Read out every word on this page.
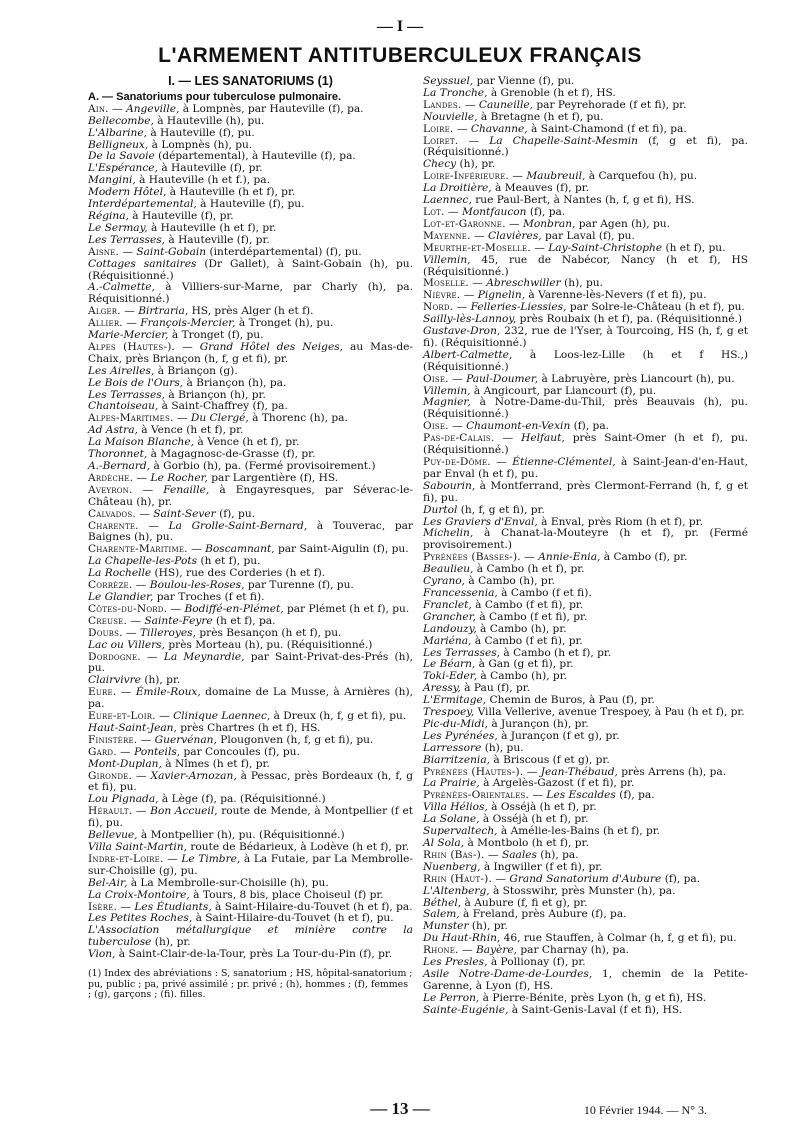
— I —
L'ARMEMENT ANTITUBERCULEUX FRANÇAIS
I. — LES SANATORIUMS (1)
A. — Sanatoriums pour tuberculose pulmonaire.

Ain. — Angeville, à Lompnès, par Hauteville (f), pa.

Bellecombe, à Hauteville (h), pu.

L'Albarine, à Hauteville (f), pu.

Belligneux, à Lompnès (h), pu.

De la Savoie (départemental), à Hauteville (f), pa.

L'Espérance, à Hauteville (f), pr.

Mangini, à Hauteville (h et f.), pa.

Modern Hôtel, à Hauteville (h et f), pr.

Interdépartemental, à Hauteville (f), pu.

Régina, à Hauteville (f), pr.

Le Sermay, à Hauteville (h et f), pr.

Les Terrasses, à Hauteville (f), pr.

Aisne. — Saint-Gobain (interdépartemental) (f), pu.

Cottages sanitaires (Dr Gallet), à Saint-Gobain (h), pu. (Réquisitionné.)

A.-Calmette, à Villiers-sur-Marne, par Charly (h), pa. Réquisitionné.)

Alger. — Birtraria, HS, près Alger (h et f).

Allier. — François-Mercier, à Tronget (h), pu.

Marie-Mercier, à Tronget (f), pu.

Alpes (Hautes-). — Grand Hôtel des Neiges, au Mas-de-Chaix, près Briançon (h, f, g et fi), pr.

Les Airelles, à Briançon (g).

Le Bois de l'Ours, à Briançon (h), pa.

Les Terrasses, à Briançon (h), pr.

Chantoiseau, à Saint-Chaffrey (f), pa.

Alpes-Maritimes. — Du Clergé, à Thorenc (h), pa.

Ad Astra, à Vence (h et f), pr.

La Maison Blanche, à Vence (h et f), pr.

Thoronnet, à Magagnosc-de-Grasse (f), pr.

A.-Bernard, à Gorbio (h), pa. (Fermé provisoirement.)

Ardèche. — Le Rocher, par Largentière (f), HS.

Aveyron. — Fenaille, à Engayresques, par Séverac-le-Château (h), pr.

Calvados. — Saint-Sever (f), pu.

Charente. — La Grolle-Saint-Bernard, à Touverac, par Baignes (h), pu.

Charente-Maritime. — Boscamnant, par Saint-Aigulin (f), pu.

La Chapelle-les-Pots (h et f), pu.

La Rochelle (HS), rue des Corderies (h et f).

Corrèze. — Boulou-les-Roses, par Turenne (f), pu.

Le Glandier, par Troches (f et fi).

Côtes-du-Nord. — Bodiffé-en-Plémet, par Plémet (h et f), pu.

Creuse. — Sainte-Feyre (h et f), pa.

Doubs. — Tilleroyes, près Besançon (h et f), pu.

Lac ou Villers, près Morteau (h), pu. (Réquisitionné.)

Dordogne. — La Meynardie, par Saint-Privat-des-Prés (h), pu.

Clairvivre (h), pr.

Eure. — Émile-Roux, domaine de La Musse, à Arnières (h), pa.

Eure-et-Loir. — Clinique Laennec, à Dreux (h, f, g et fi), pu.

Haut-Saint-Jean, près Chartres (h et f), HS.

Finistère. — Guervénan, Plougonven (h, f, g et fi), pu.

Gard. — Ponteils, par Concoules (f), pu.

Mont-Duplan, à Nîmes (h et f), pr.

Gironde. — Xavier-Arnozan, à Pessac, près Bordeaux (h, f, g et fi), pu.

Lou Pignada, à Lège (f), pa. (Réquisitionné.)

Hérault. — Bon Accueil, route de Mende, à Montpellier (f et fi), pu.

Bellevue, à Montpellier (h), pu. (Réquisitionné.)

Villa Saint-Martin, route de Bédarieux, à Lodève (h et f), pr.

Indre-et-Loire. — Le Timbre, à La Futaie, par La Membrolle-sur-Choisille (g), pu.

Bel-Air, à La Membrolle-sur-Choisille (h), pu.

La Croix-Montoire, à Tours, 8 bis, place Choiseul (f) pr.

Isère. — Les Étudiants, à Saint-Hilaire-du-Touvet (h et f), pa.

Les Petites Roches, à Saint-Hilaire-du-Touvet (h et f), pu.

L'Association métallurgique et minière contre la tuberculose (h), pr.

Vion, à Saint-Clair-de-la-Tour, près La Tour-du-Pin (f), pr.

(1) Index des abréviations : S, sanatorium ; HS, hôpital-sanatorium ; pu, public ; pa, privé assimilé ; pr. privé ; (h), hommes ; (f), femmes ; (g), garçons ; (fi). filles.

Seyssuel, par Vienne (f), pu.

La Tronche, à Grenoble (h et f), HS.

Landes. — Cauneille, par Peyrehorade (f et fi), pr.

Nouvielle, à Bretagne (h et f), pu.

Loire. — Chavanne, à Saint-Chamond (f et fi), pa.

Loiret. — La Chapelle-Saint-Mesmin (f, g et fi), pa. (Réquisitionné.)

Checy (h), pr.

Loire-Inférieure. — Maubreuil, à Carquefou (h), pu.

La Droitière, à Meauves (f), pr.

Laennec, rue Paul-Bert, à Nantes (h, f, g et fi), HS.

Lot. — Montfaucon (f), pa.

Lot-et-Garonne. — Monbran, par Agen (h), pu.

Mayenne. — Clavières, par Laval (f), pu.

Meurthe-et-Moselle. — Lay-Saint-Christophe (h et f), pu.

Villemin, 45, rue de Nabécor, Nancy (h et f), HS (Réquisitionné.)

Moselle. — Abreschwiller (h), pu.

Nièvre. — Pignelin, à Varenne-lès-Nevers (f et fi), pu.

Nord. — Felleries-Liessies, par Solre-le-Château (h et f), pu.

Sailly-lès-Lannoy, près Roubaix (h et f), pa. (Réquisitionné.)

Gustave-Dron, 232, rue de l'Yser, à Tourcoing, HS (h, f, g et fi). (Réquisitionné.)

Albert-Calmette, à Loos-lez-Lille (h et f HS.,) (Réquisitionné.)

Oise. — Paul-Doumer, à Labruyère, près Liancourt (h), pu.

Villemin, à Angicourt, par Liancourt (f), pu.

Magnier, à Notre-Dame-du-Thil, près Beauvais (h), pu. (Réquisitionné.)

Oise. — Chaumont-en-Vexin (f), pa.

Pas-de-Calais. — Helfaut, près Saint-Omer (h et f), pu. (Réquisitionné.)

Puy-de-Dôme. — Étienne-Clémentel, à Saint-Jean-d'en-Haut, par Enval (h et f), pu.

Sabourin, à Montferrand, près Clermont-Ferrand (h, f, g et fi), pu.

Durtol (h, f, g et fi), pr.

Les Graviers d'Enval, à Enval, près Riom (h et f), pr.

Michelin, à Chanat-la-Mouteyre (h et f), pr. (Fermé provisoirement.)

Pyrénées (Basses-). — Annie-Enia, à Cambo (f), pr.

Beaulieu, à Cambo (h et f), pr.

Cyrano, à Cambo (h), pr.

Francessenia, à Cambo (f et fi).

Franclet, à Cambo (f et fi), pr.

Grancher, à Cambo (f et fi), pr.

Landouzy, à Cambo (h), pr.

Mariéna, à Cambo (f et fi), pr.

Les Terrasses, à Cambo (h et f), pr.

Le Béarn, à Gan (g et fi), pr.

Toki-Eder, à Cambo (h), pr.

Aressy, à Pau (f), pr.

L'Ermitage, Chemin de Buros, à Pau (f), pr.

Trespoey, Villa Vellerive, avenue Trespoey, à Pau (h et f), pr.

Pic-du-Midi, à Jurançon (h), pr.

Les Pyrénées, à Jurançon (f et g), pr.

Larressore (h), pu.

Biarritzenia, à Briscous (f et g), pr.

Pyrénées (Hautes-). — Jean-Thébaud, près Arrens (h), pa.

La Prairie, à Argelès-Gazost (f et fi), pr.

Pyrénées-Orientales. — Les Escaldes (f), pa.

Villa Hélios, à Osséjà (h et f), pr.

La Solane, à Osséjà (h et f), pr.

Supervaltech, à Amélie-les-Bains (h et f), pr.

Al Sola, à Montbolo (h et f), pr.

Rhin (Bas-). — Saales (h), pa.

Nuenberg, à Ingwiller (f et fi), pr.

Rhin (Haut-). — Grand Sanatorium d'Aubure (f), pa.

L'Altenberg, à Stosswihr, près Munster (h), pa.

Béthel, à Aubure (f, fi et g), pr.

Salem, à Freland, près Aubure (f), pa.

Munster (h), pr.

Du Haut-Rhin, 46, rue Stauffen, à Colmar (h, f, g et fi), pu.

Rhone. — Bayère, par Charnay (h), pa.

Les Presles, à Pollionay (f), pr.

Asile Notre-Dame-de-Lourdes, 1, chemin de la Petite-Garenne, à Lyon (f), HS.

Le Perron, à Pierre-Bénite, près Lyon (h, g et fi), HS.

Sainte-Eugénie, à Saint-Genis-Laval (f et fi), HS.

— 13 —	10 Février 1944. — N° 3.
